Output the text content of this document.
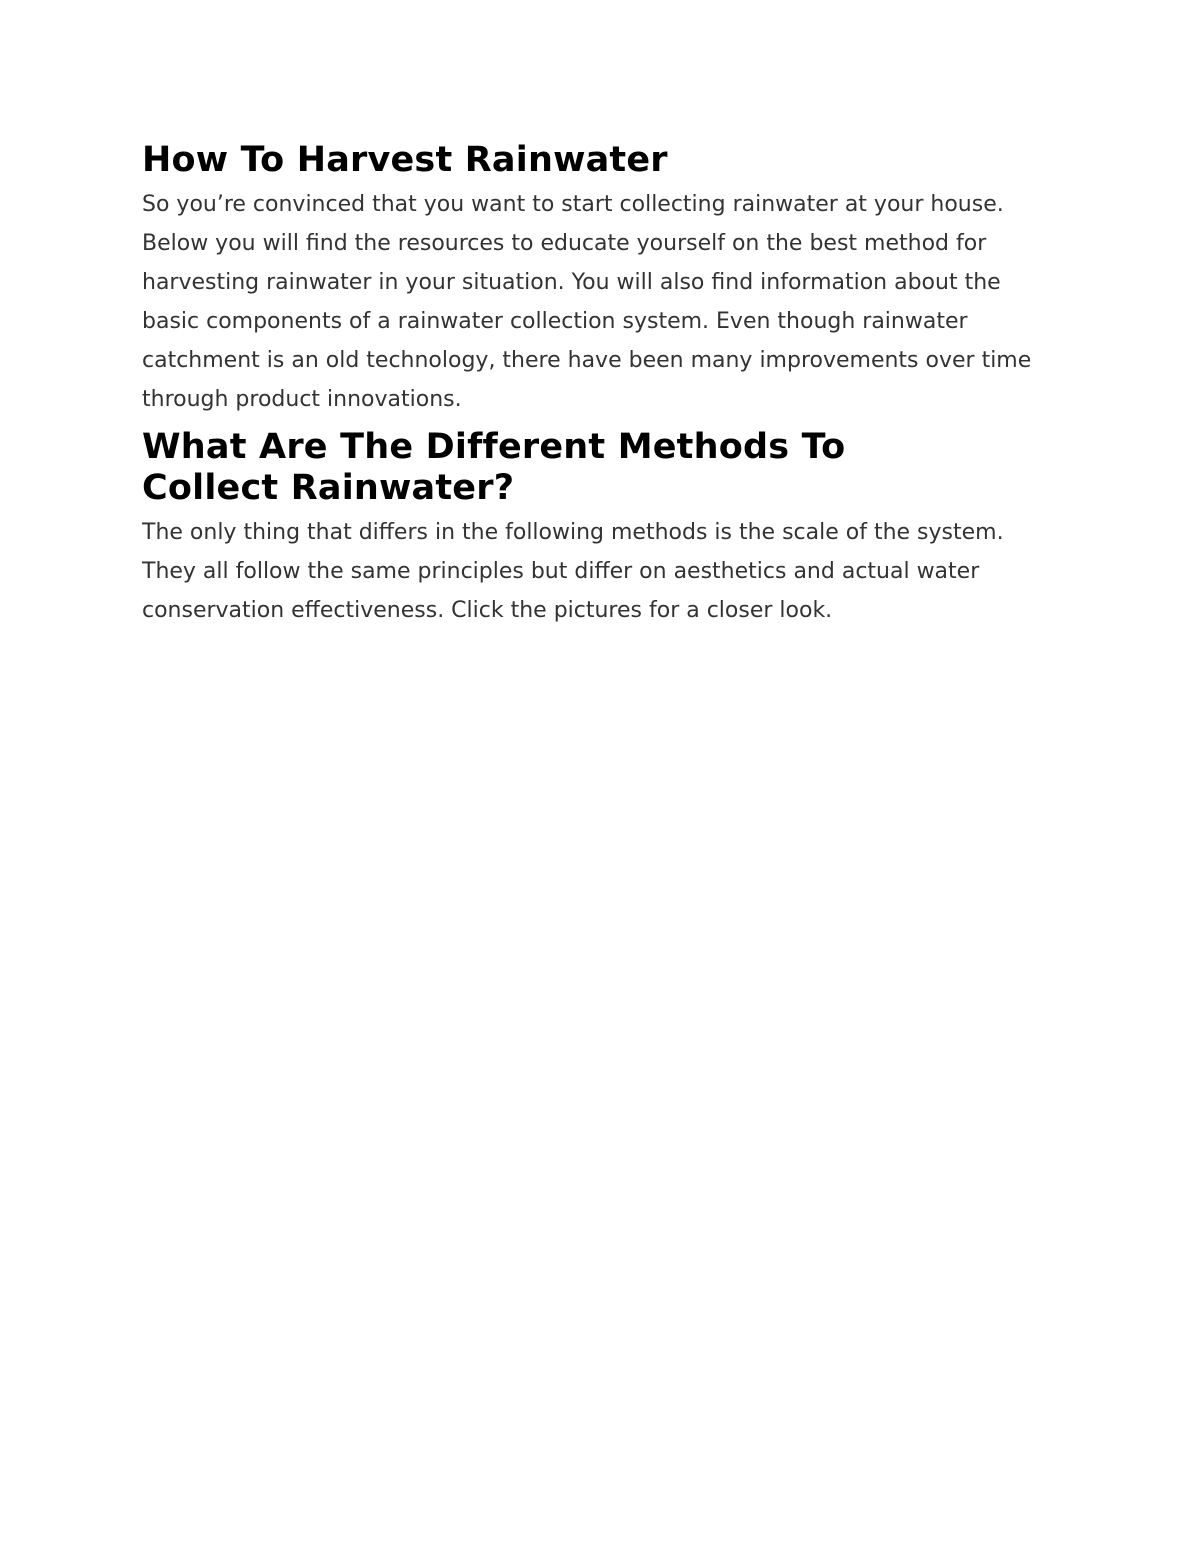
How To Harvest Rainwater

So you’re convinced that you want to start collecting rainwater at your house. Below you will find the resources to educate yourself on the best method for harvesting rainwater in your situation. You will also find information about the basic components of a rainwater collection system. Even though rainwater catchment is an old technology, there have been many improvements over time through product innovations.

What Are The Different Methods To Collect Rainwater?

The only thing that differs in the following methods is the scale of the system. They all follow the same principles but differ on aesthetics and actual water conservation effectiveness. Click the pictures for a closer look.
